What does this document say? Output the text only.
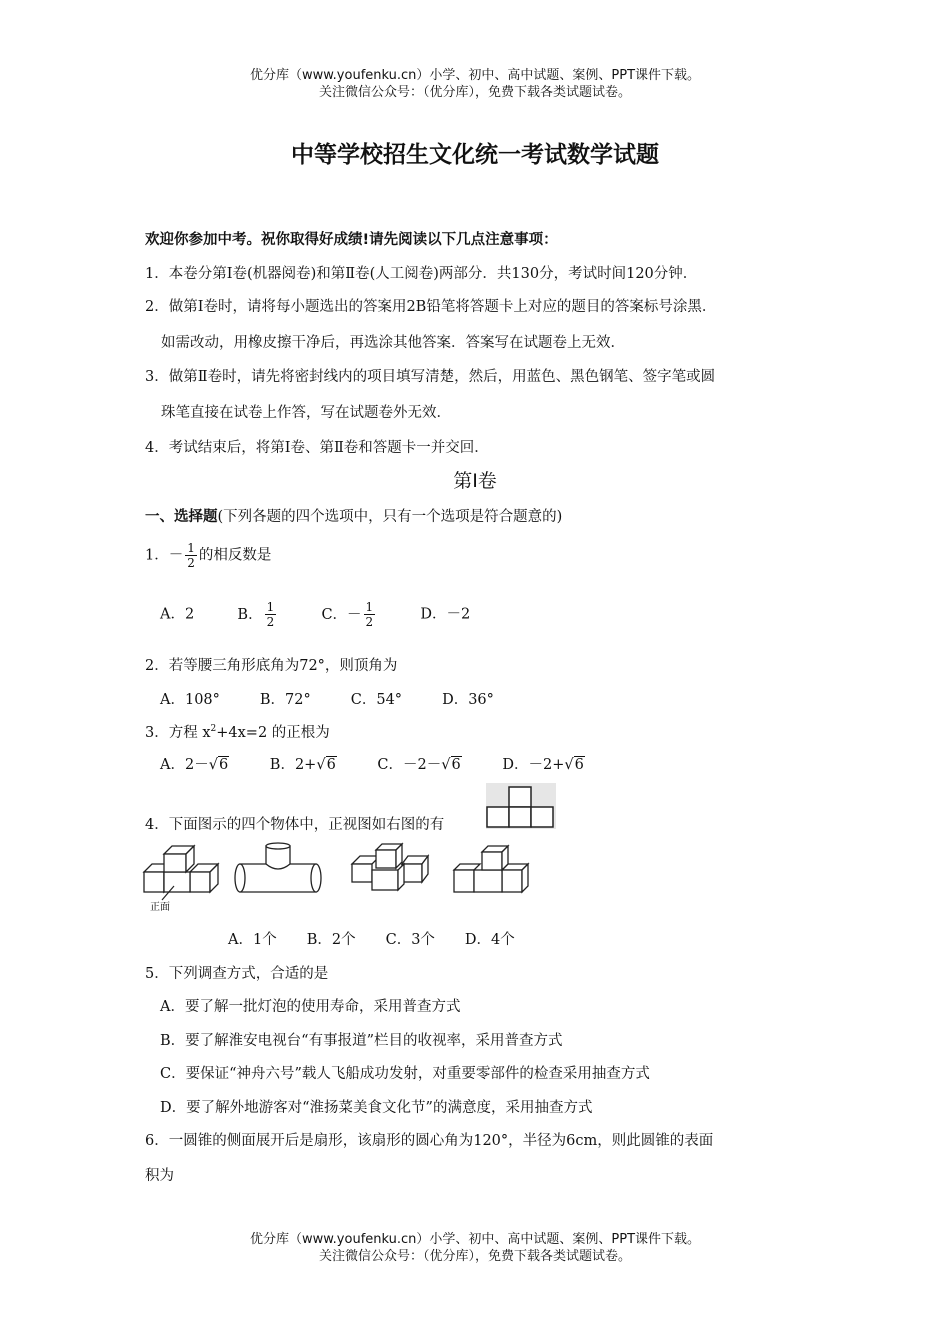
优分库（www.youfenku.cn）小学、初中、高中试题、案例、PPT课件下载。
关注微信公众号：（优分库），免费下载各类试题试卷。
中等学校招生文化统一考试数学试题
欢迎你参加中考。祝你取得好成绩!请先阅读以下几点注意事项：
1．本卷分第Ⅰ卷(机器阅卷)和第Ⅱ卷(人工阅卷)两部分．共130分，考试时间120分钟．
2．做第Ⅰ卷时，请将每小题选出的答案用2B铅笔将答题卡上对应的题目的答案标号涂黑．
如需改动，用橡皮擦干净后，再选涂其他答案．答案写在试题卷上无效．
3．做第Ⅱ卷时，请先将密封线内的项目填写清楚，然后，用蓝色、黑色钢笔、签字笔或圆
珠笔直接在试卷上作答，写在试题卷外无效．
4．考试结束后，将第Ⅰ卷、第Ⅱ卷和答题卡一并交回．
第Ⅰ卷
一、选择题(下列各题的四个选项中，只有一个选项是符合题意的)
1．－ $\frac{1}{2}$ 的相反数是
A．2	B． $\frac{1}{2}$	C．－ $\frac{1}{2}$	D．－2
2．若等腰三角形底角为72°，则顶角为
A．108°	B．72°	C．54°	D．36°
3．方程 $x^2+4x=2$ 的正根为
A．2－√6	B．2+√6	C．－2－√6	D．－2+√6
4．下面图示的四个物体中，正视图如右图的有
正面
A．1个 B．2个 C．3个 D．4个
5．下列调查方式，合适的是
A．要了解一批灯泡的使用寿命，采用普查方式
B．要了解淮安电视台“有事报道”栏目的收视率，采用普查方式
C．要保证“神舟六号”载人飞船成功发射，对重要零部件的检查采用抽查方式
D．要了解外地游客对“淮扬菜美食文化节”的满意度，采用抽查方式
6．一圆锥的侧面展开后是扇形，该扇形的圆心角为120°，半径为6cm，则此圆锥的表面
积为
优分库（www.youfenku.cn）小学、初中、高中试题、案例、PPT课件下载。
关注微信公众号：（优分库），免费下载各类试题试卷。
